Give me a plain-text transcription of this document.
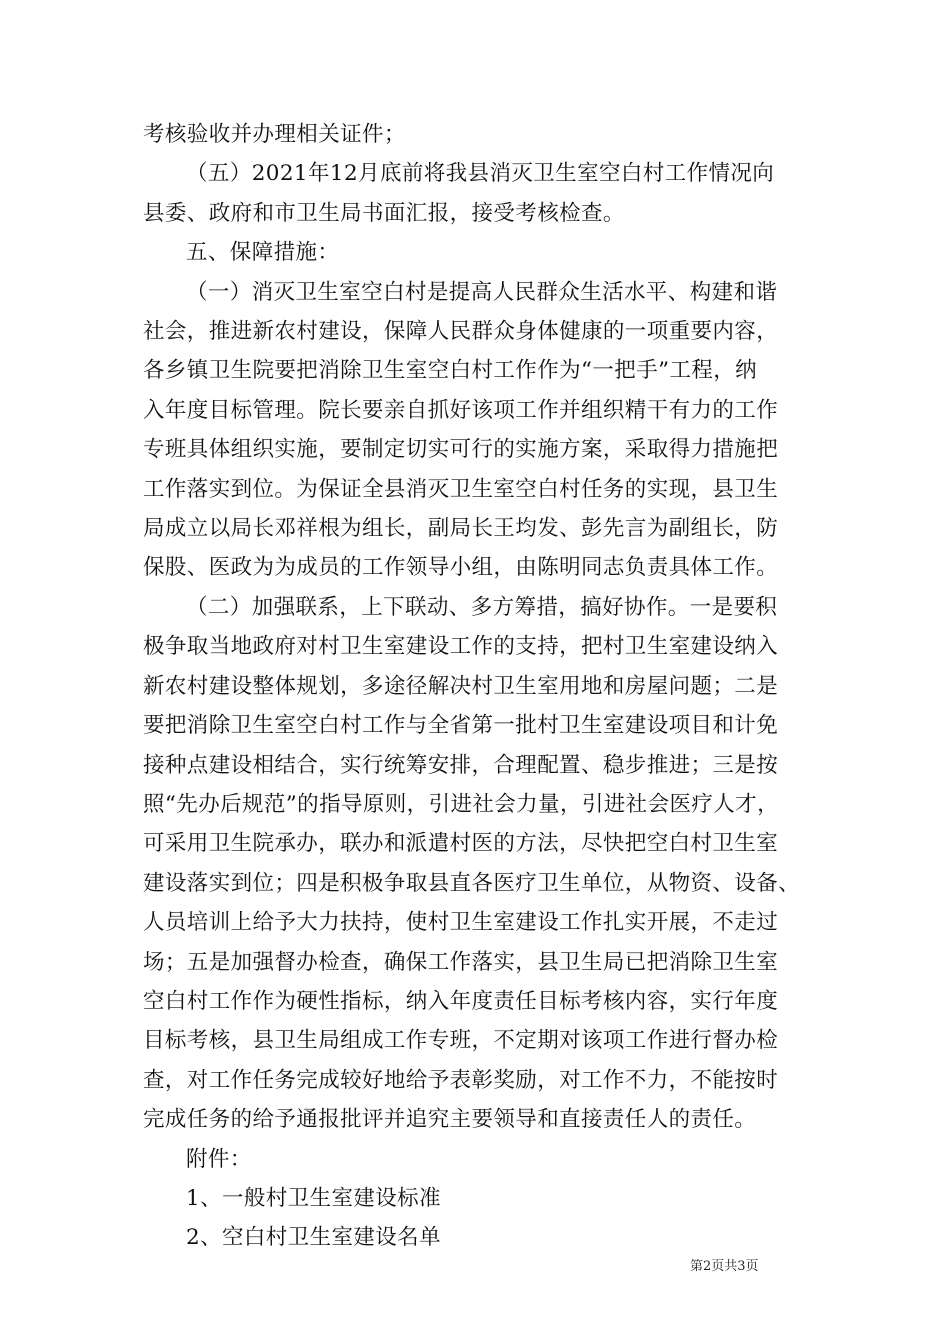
考核验收并办理相关证件；

（五）2021年12月底前将我县消灭卫生室空白村工作情况向

县委、政府和市卫生局书面汇报，接受考核检查。

五、保障措施：

（一）消灭卫生室空白村是提高人民群众生活水平、构建和谐

社会，推进新农村建设，保障人民群众身体健康的一项重要内容，

各乡镇卫生院要把消除卫生室空白村工作作为“一把手”工程，纳

入年度目标管理。院长要亲自抓好该项工作并组织精干有力的工作

专班具体组织实施，要制定切实可行的实施方案，采取得力措施把

工作落实到位。为保证全县消灭卫生室空白村任务的实现，县卫生

局成立以局长邓祥根为组长，副局长王均发、彭先言为副组长，防

保股、医政为为成员的工作领导小组，由陈明同志负责具体工作。

（二）加强联系，上下联动、多方筹措，搞好协作。一是要积

极争取当地政府对村卫生室建设工作的支持，把村卫生室建设纳入

新农村建设整体规划，多途径解决村卫生室用地和房屋问题；二是

要把消除卫生室空白村工作与全省第一批村卫生室建设项目和计免

接种点建设相结合，实行统筹安排，合理配置、稳步推进；三是按

照“先办后规范”的指导原则，引进社会力量，引进社会医疗人才，

可采用卫生院承办，联办和派遣村医的方法，尽快把空白村卫生室

建设落实到位；四是积极争取县直各医疗卫生单位，从物资、设备、

人员培训上给予大力扶持，使村卫生室建设工作扎实开展，不走过

场；五是加强督办检查，确保工作落实，县卫生局已把消除卫生室

空白村工作作为硬性指标，纳入年度责任目标考核内容，实行年度

目标考核，县卫生局组成工作专班，不定期对该项工作进行督办检

查，对工作任务完成较好地给予表彰奖励，对工作不力，不能按时

完成任务的给予通报批评并追究主要领导和直接责任人的责任。

附件：

1、一般村卫生室建设标准

2、空白村卫生室建设名单

第2页共3页
